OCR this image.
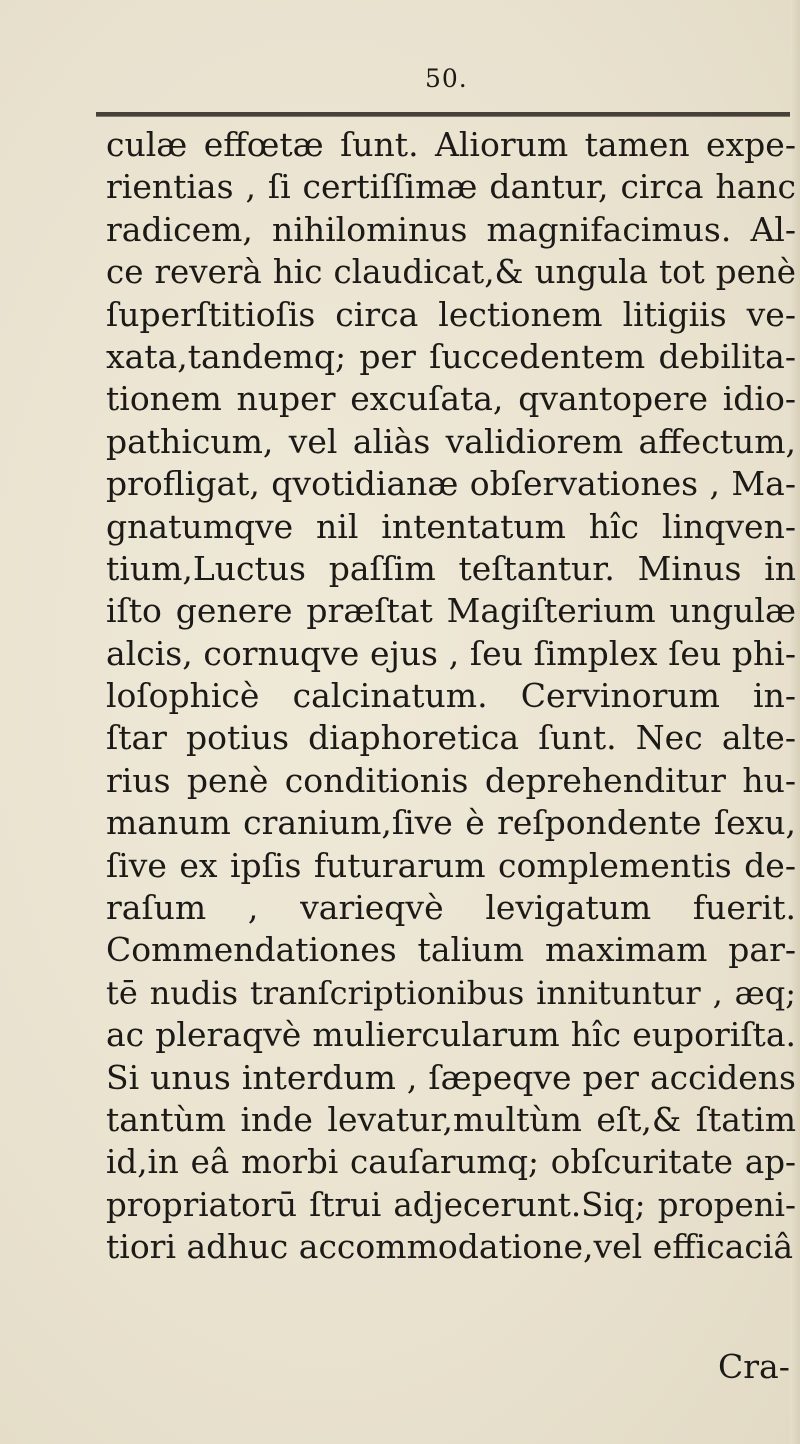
50.
culæ effœtæ ſunt. Aliorum tamen expe-
rientias , ſi certiſſimæ dantur, circa hanc
radicem, nihilominus magnifacimus. Al-
ce reverà hic claudicat,& ungula tot penè
ſuperſtitioſis circa lectionem litigiis ve-
xata,tandemq; per ſuccedentem debilita-
tionem nuper excuſata, qvantopere idio-
pathicum, vel aliàs validiorem affectum,
profligat, qvotidianæ obſervationes , Ma-
gnatumqve nil intentatum hîc linqven-
tium,Luctus paſſim teſtantur. Minus in
iſto genere præſtat Magiſterium ungulæ
alcis, cornuqve ejus , ſeu ſimplex ſeu phi-
loſophicè calcinatum. Cervinorum in-
ſtar potius diaphoretica ſunt. Nec alte-
rius penè conditionis deprehenditur hu-
manum cranium,ſive è reſpondente ſexu,
ſive ex ipſis futurarum complementis de-
raſum , varieqvè levigatum fuerit.
Commendationes talium maximam par-
tē nudis tranſcriptionibus innituntur , æq;
ac pleraqvè muliercularum hîc euporiſta.
Si unus interdum , ſæpeqve per accidens
tantùm inde levatur,multùm eſt,& ſtatim
id,in eâ morbi cauſarumq; obſcuritate ap-
propriatorū ſtrui adjecerunt.Siq; propeni-
tiori adhuc accommodatione,vel efficaciâ
Cra-
